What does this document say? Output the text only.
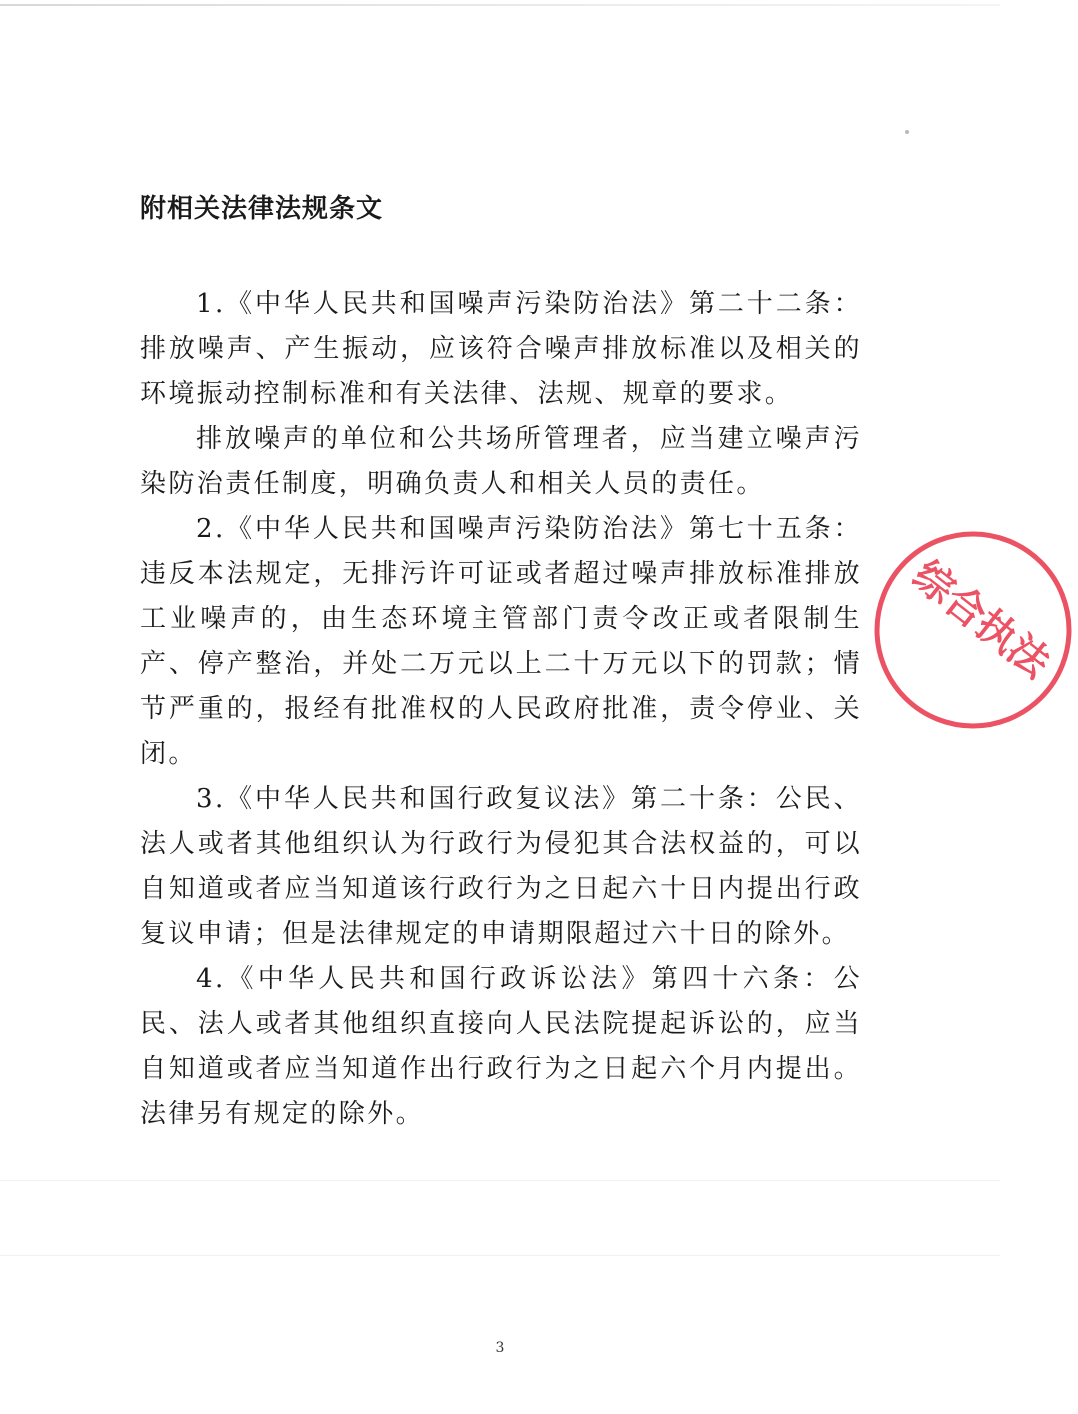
附相关法律法规条文

1.《中华人民共和国噪声污染防治法》第二十二条：排放噪声、产生振动，应该符合噪声排放标准以及相关的环境振动控制标准和有关法律、法规、规章的要求。

排放噪声的单位和公共场所管理者，应当建立噪声污染防治责任制度，明确负责人和相关人员的责任。

2.《中华人民共和国噪声污染防治法》第七十五条：违反本法规定，无排污许可证或者超过噪声排放标准排放工业噪声的，由生态环境主管部门责令改正或者限制生产、停产整治，并处二万元以上二十万元以下的罚款；情节严重的，报经有批准权的人民政府批准，责令停业、关闭。

3.《中华人民共和国行政复议法》第二十条：公民、法人或者其他组织认为行政行为侵犯其合法权益的，可以自知道或者应当知道该行政行为之日起六十日内提出行政复议申请；但是法律规定的申请期限超过六十日的除外。

4.《中华人民共和国行政诉讼法》第四十六条：公民、法人或者其他组织直接向人民法院提起诉讼的，应当自知道或者应当知道作出行政行为之日起六个月内提出。法律另有规定的除外。

3
综合执法
